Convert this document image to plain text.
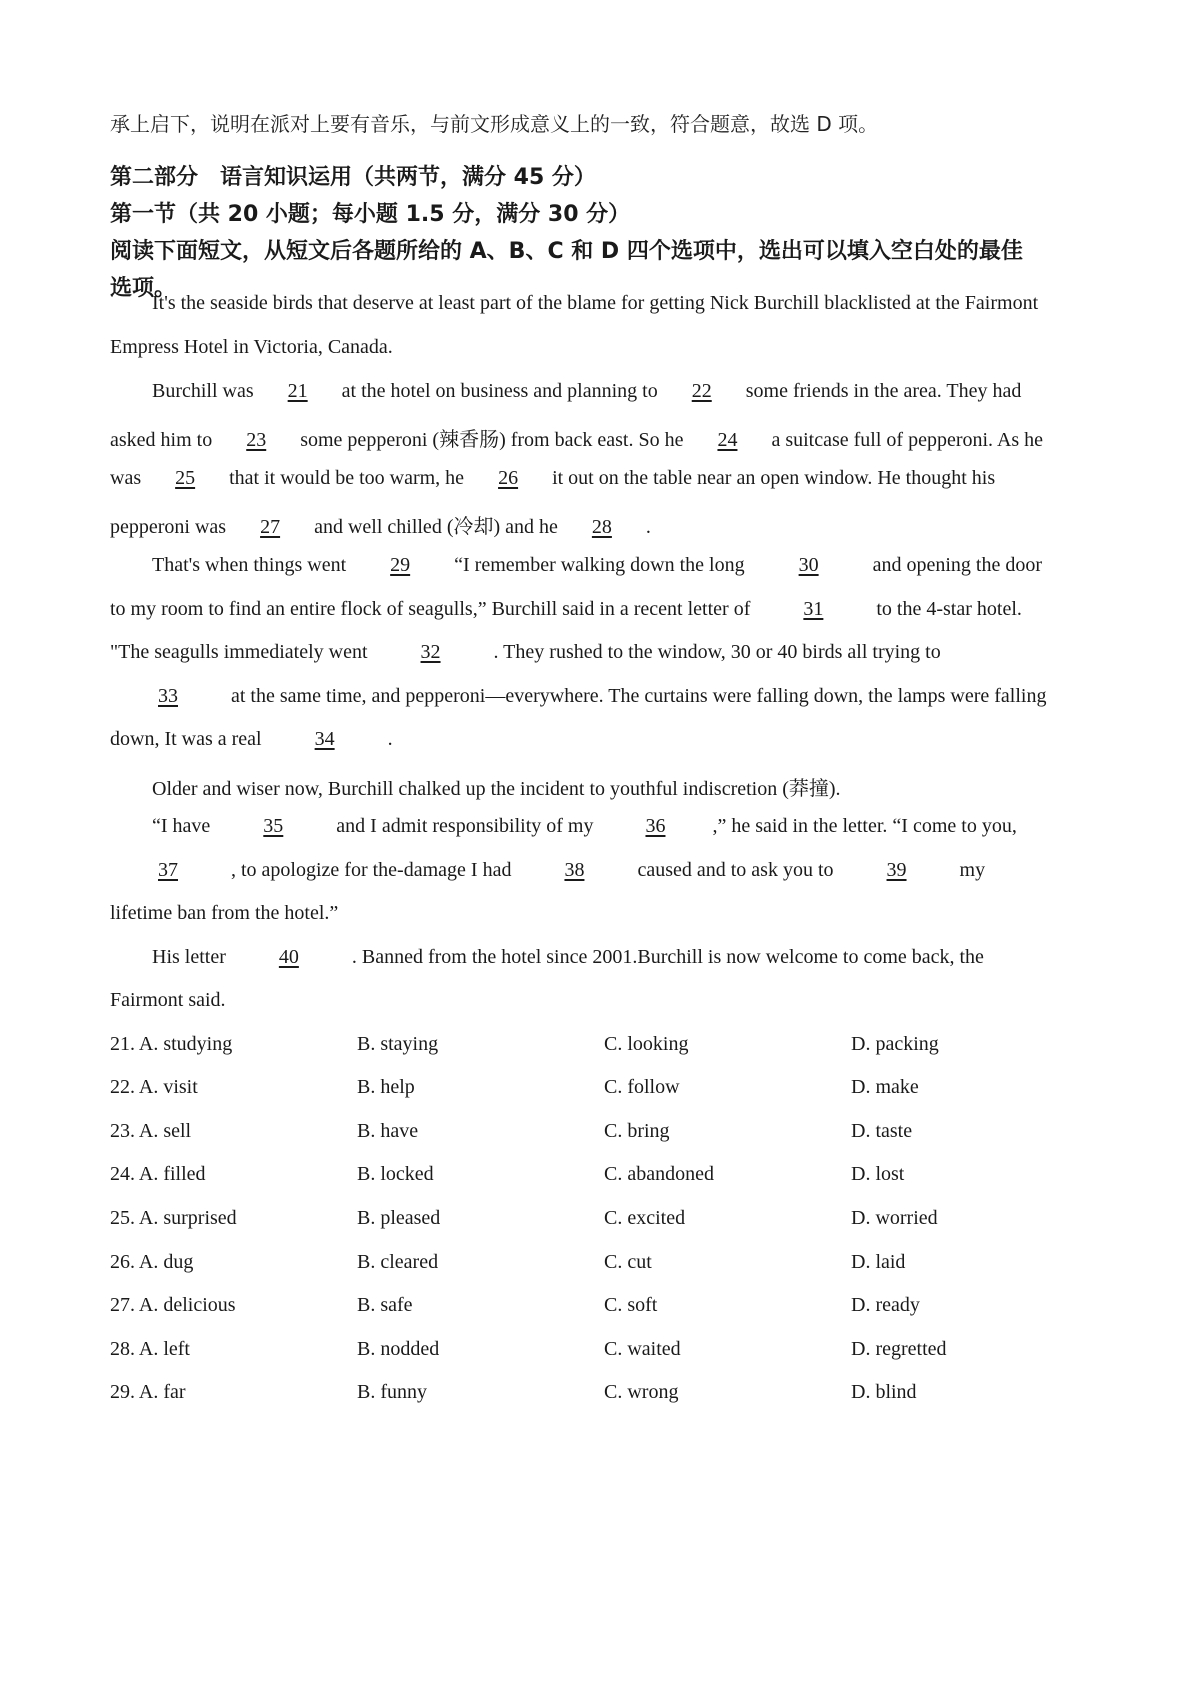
承上启下，说明在派对上要有音乐，与前文形成意义上的一致，符合题意，故选 D 项。
第二部分　语言知识运用（共两节，满分 45 分）
第一节（共 20 小题；每小题 1.5 分，满分 30 分）
阅读下面短文，从短文后各题所给的 A、B、C 和 D 四个选项中，选出可以填入空白处的最佳
选项。
It's the seaside birds that deserve at least part of the blame for getting Nick Burchill blacklisted at the Fairmont
Empress Hotel in Victoria, Canada.
Burchill was 21 at the hotel on business and planning to 22 some friends in the area. They had
asked him to 23 some pepperoni (辣香肠) from back east. So he 24 a suitcase full of pepperoni. As he
was 25 that it would be too warm, he 26 it out on the table near an open window. He thought his
pepperoni was 27 and well chilled (冷却) and he 28 .
That's when things went 29 “I remember walking down the long 30 and opening the door
to my room to find an entire flock of seagulls,” Burchill said in a recent letter of 31 to the 4-star hotel.
"The seagulls immediately went 32 . They rushed to the window, 30 or 40 birds all trying to
33 at the same time, and pepperoni—everywhere. The curtains were falling down, the lamps were falling
down, It was a real 34 .
Older and wiser now, Burchill chalked up the incident to youthful indiscretion (莽撞).
“I have 35 and I admit responsibility of my 36 ,” he said in the letter. “I come to you,
37 , to apologize for the-damage I had 38 caused and to ask you to 39 my
lifetime ban from the hotel.”
His letter 40 . Banned from the hotel since 2001.Burchill is now welcome to come back, the
Fairmont said.
21. A. studying	B. staying	C. looking	D. packing
22. A. visit	B. help	C. follow	D. make
23. A. sell	B. have	C. bring	D. taste
24. A. filled	B. locked	C. abandoned	D. lost
25. A. surprised	B. pleased	C. excited	D. worried
26. A. dug	B. cleared	C. cut	D. laid
27. A. delicious	B. safe	C. soft	D. ready
28. A. left	B. nodded	C. waited	D. regretted
29. A. far	B. funny	C. wrong	D. blind
